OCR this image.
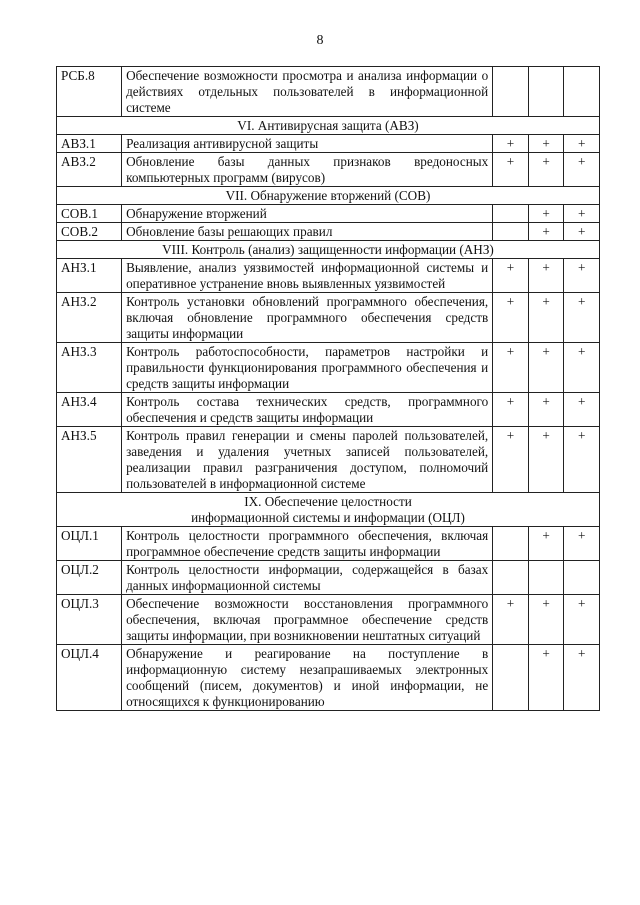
8
РСБ.8	Обеспечение возможности просмотра и анализа информации о действиях отдельных пользователей в информационной системе			

VI. Антивирусная защита (АВЗ)				

АВЗ.1	Реализация антивирусной защиты	+	+	+
АВЗ.2	Обновление базы данных признаков вредоносных компьютерных программ (вирусов)	+	+	+

VII. Обнаружение вторжений (СОВ)				

СОВ.1	Обнаружение вторжений		+	+
СОВ.2	Обновление базы решающих правил		+	+

VIII. Контроль (анализ) защищенности информации (АНЗ)				

АНЗ.1	Выявление, анализ уязвимостей информационной системы и оперативное устранение вновь выявленных уязвимостей	+	+	+
АНЗ.2	Контроль установки обновлений программного обеспечения, включая обновление программного обеспечения средств защиты информации	+	+	+
АНЗ.3	Контроль работоспособности, параметров настройки и правильности функционирования программного обеспечения и средств защиты информации	+	+	+
АНЗ.4	Контроль состава технических средств, программного обеспечения и средств защиты информации	+	+	+
АНЗ.5	Контроль правил генерации и смены паролей пользователей, заведения и удаления учетных записей пользователей, реализации правил разграничения доступом, полномочий пользователей в информационной системе	+	+	+

IX. Обеспечение целостности
информационной системы и информации (ОЦЛ)				

ОЦЛ.1	Контроль целостности программного обеспечения, включая программное обеспечение средств защиты информации		+	+
ОЦЛ.2	Контроль целостности информации, содержащейся в базах данных информационной системы			
ОЦЛ.3	Обеспечение возможности восстановления программного обеспечения, включая программное обеспечение средств защиты информации, при возникновении нештатных ситуаций	+	+	+
ОЦЛ.4	Обнаружение и реагирование на поступление в информационную систему незапрашиваемых электронных сообщений (писем, документов) и иной информации, не относящихся к функционированию		+	+
